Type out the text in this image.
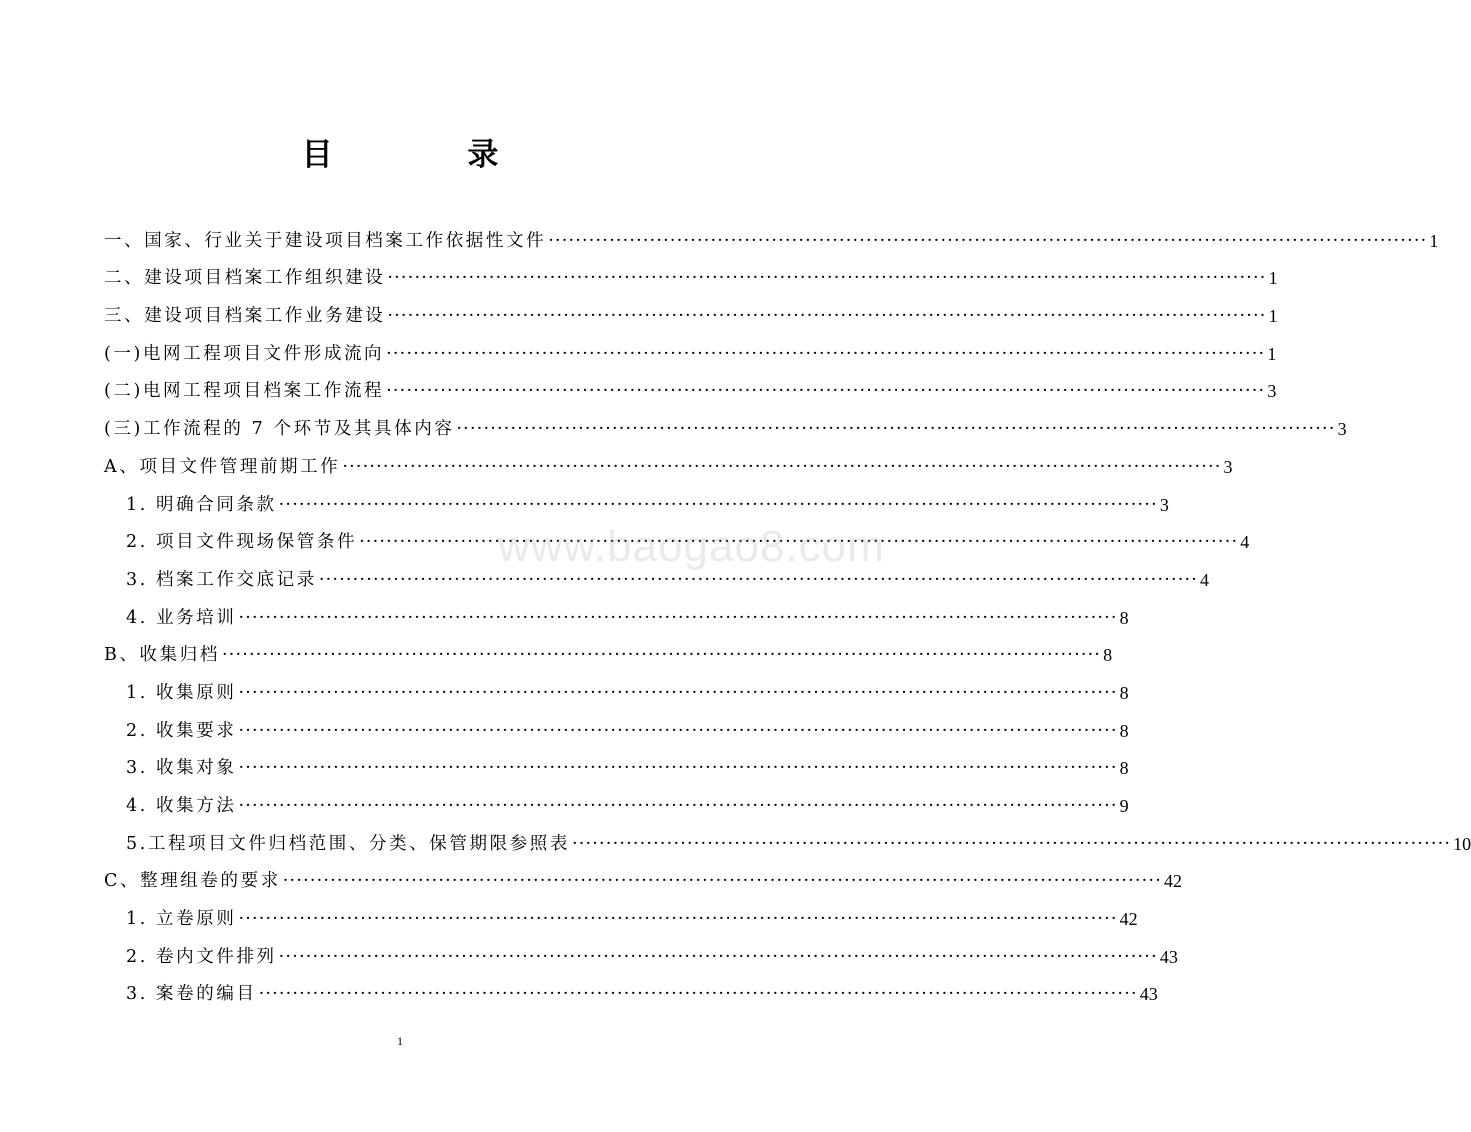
目 录
一、国家、行业关于建设项目档案工作依据性文件 ·····	1
二、建设项目档案工作组织建设 ·····	1
三、建设项目档案工作业务建设 ·····	1
(一)电网工程项目文件形成流向 ·····	1
(二)电网工程项目档案工作流程 ·····	3
(三)工作流程的 7 个环节及其具体内容 ·····	3
A、项目文件管理前期工作 ·····	3
1. 明确合同条款 ·····	3
2. 项目文件现场保管条件 ·····	4
3. 档案工作交底记录 ·····	4
4. 业务培训 ·····	8
B、收集归档 ·····	8
1. 收集原则 ·····	8
2. 收集要求 ·····	8
3. 收集对象 ·····	8
4. 收集方法 ·····	9
5.工程项目文件归档范围、分类、保管期限参照表 ·····	10
C、整理组卷的要求 ·····	42
1. 立卷原则 ·····	42
2. 卷内文件排列 ·····	43
3. 案卷的编目 ·····	43
www.baogao8.com
1
